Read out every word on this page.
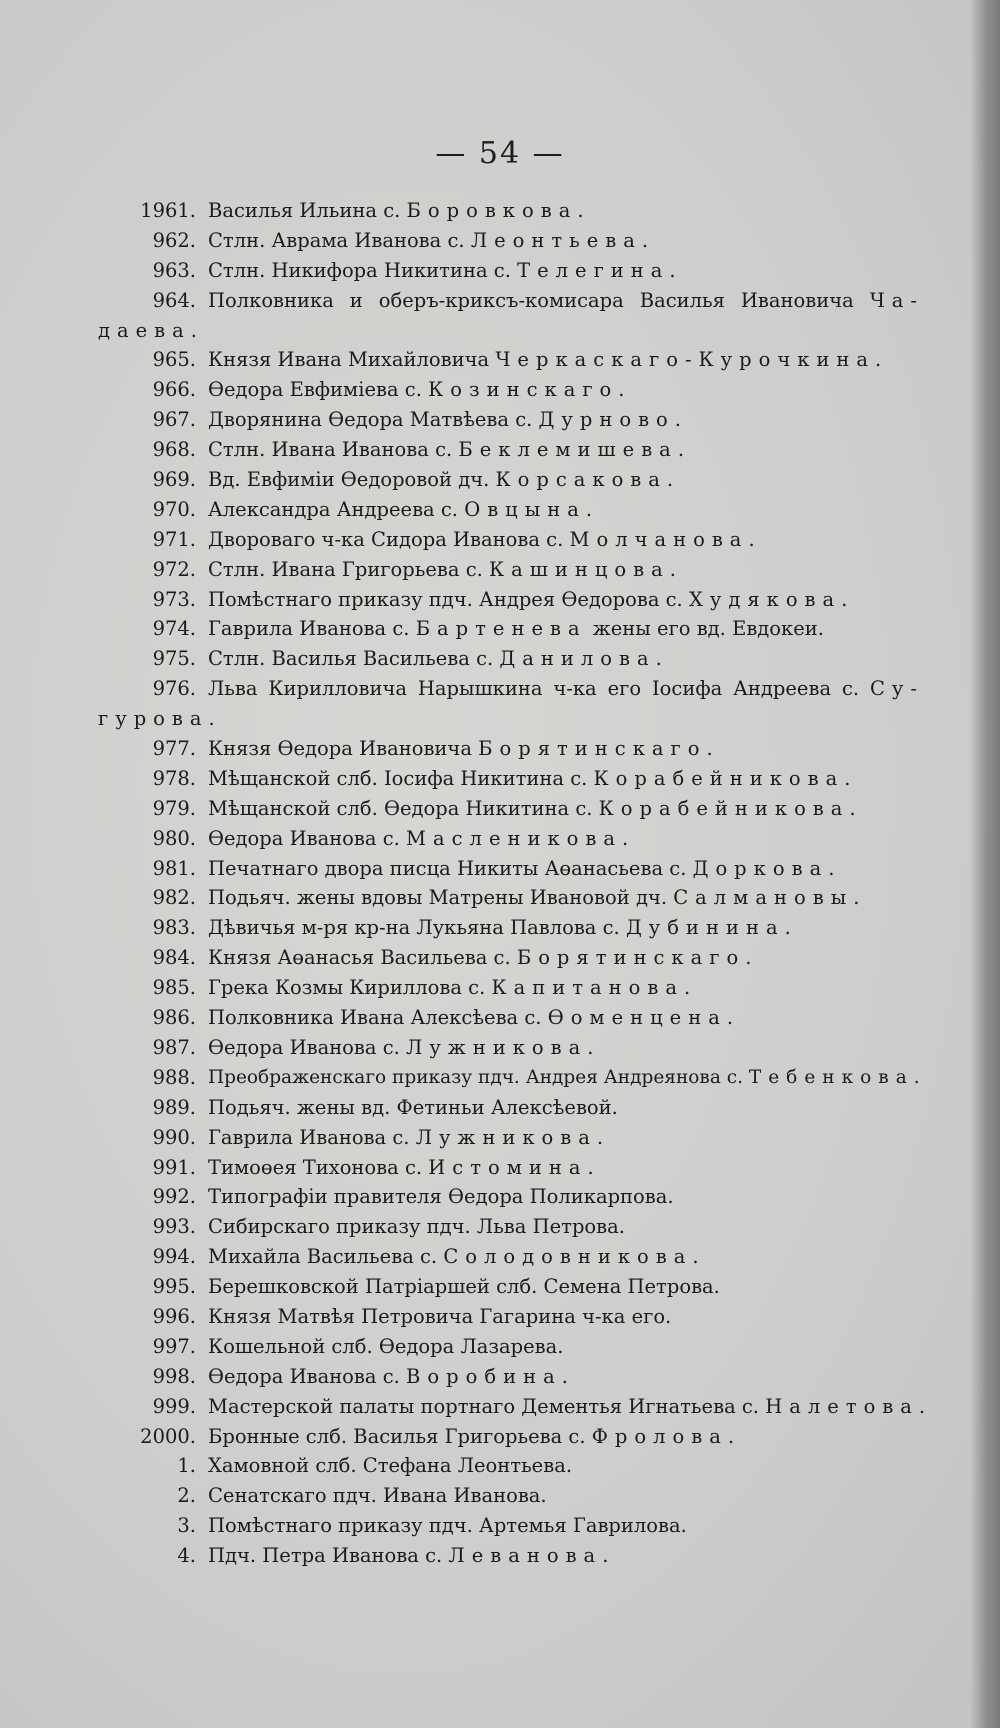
— 54 —
1961. Василья Ильина с. Боровкова.
962. Стлн. Аврама Иванова с. Леонтьева.
963. Стлн. Никифора Никитина с. Телегина.
964. Полковника и оберъ-криксъ-комисара Василья Ивановича Ча-
даева.
965. Князя Ивана Михайловича Черкаскаго-Курочкина.
966. Өедора Евфиміева с. Козинскаго.
967. Дворянина Өедора Матвѣева с. Дурново.
968. Стлн. Ивана Иванова с. Беклемишева.
969. Вд. Евфиміи Өедоровой дч. Корсакова.
970. Александра Андреева с. Овцына.
971. Двороваго ч-ка Сидора Иванова с. Молчанова.
972. Стлн. Ивана Григорьева с. Кашинцова.
973. Помѣстнаго приказу пдч. Андрея Өедорова с. Худякова.
974. Гаврила Иванова с. Бартенева жены его вд. Евдокеи.
975. Стлн. Василья Васильева с. Данилова.
976. Льва Кирилловича Нарышкина ч-ка его Іосифа Андреева с. Су-
гурова.
977. Князя Өедора Ивановича Борятинскаго.
978. Мѣщанской слб. Іосифа Никитина с. Корабейникова.
979. Мѣщанской слб. Өедора Никитина с. Корабейникова.
980. Өедора Иванова с. Масленикова.
981. Печатнаго двора писца Никиты Аөанасьева с. Доркова.
982. Подьяч. жены вдовы Матрены Ивановой дч. Салмановы.
983. Дѣвичья м-ря кр-на Лукьяна Павлова с. Дубинина.
984. Князя Аөанасья Васильева с. Борятинскаго.
985. Грека Козмы Кириллова с. Капитанова.
986. Полковника Ивана Алексѣева с. Өоменцена.
987. Өедора Иванова с. Лужникова.
988. Преображенскаго приказу пдч. Андрея Андреянова с. Тебенкова.
989. Подьяч. жены вд. Фетиньи Алексѣевой.
990. Гаврила Иванова с. Лужникова.
991. Тимоөея Тихонова с. Истомина.
992. Типографіи правителя Өедора Поликарпова.
993. Сибирскаго приказу пдч. Льва Петрова.
994. Михайла Васильева с. Солодовникова.
995. Берешковской Патріаршей слб. Семена Петрова.
996. Князя Матвѣя Петровича Гагарина ч-ка его.
997. Кошельной слб. Өедора Лазарева.
998. Өедора Иванова с. Воробина.
999. Мастерской палаты портнаго Дементья Игнатьева с. Налетова.
2000. Бронные слб. Василья Григорьева с. Фролова.
1. Хамовной слб. Стефана Леонтьева.
2. Сенатскаго пдч. Ивана Иванова.
3. Помѣстнаго приказу пдч. Артемья Гаврилова.
4. Пдч. Петра Иванова с. Леванова.
